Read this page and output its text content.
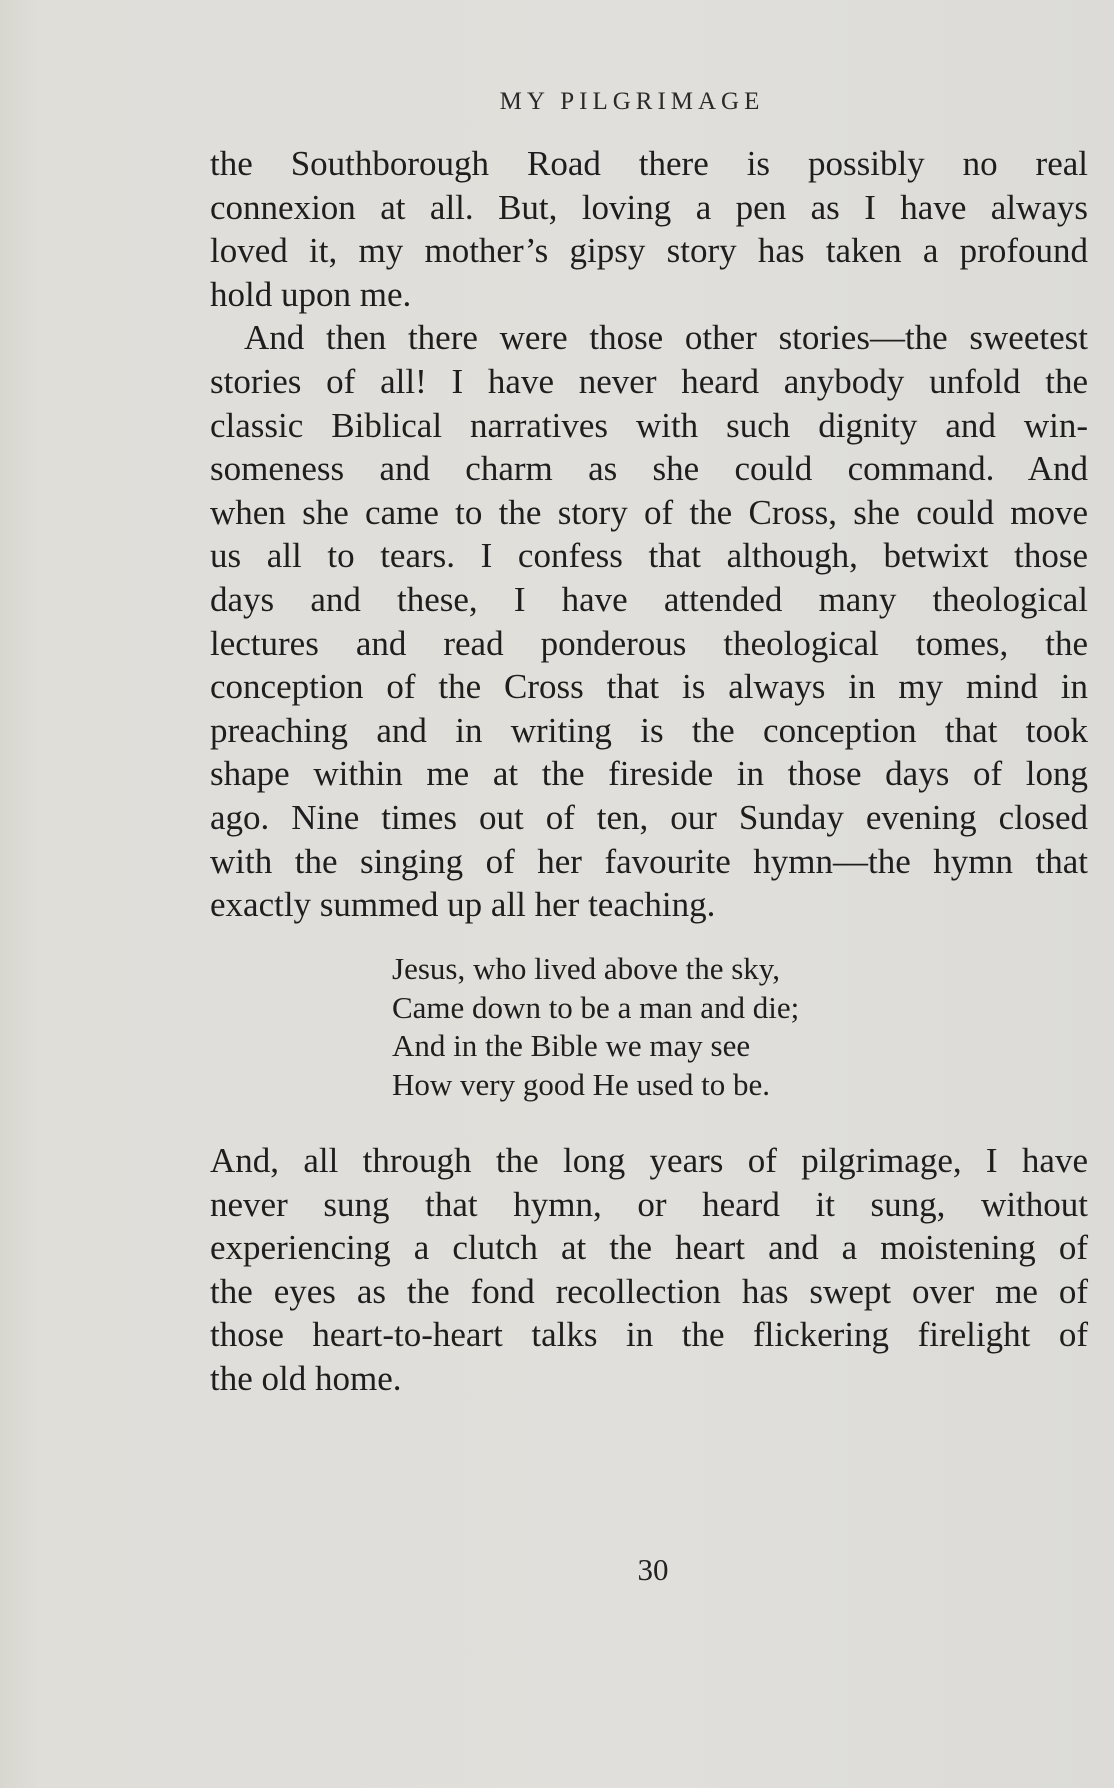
MY PILGRIMAGE

the Southborough Road there is possibly no real

connexion at all. But, loving a pen as I have always

loved it, my mother’s gipsy story has taken a profound

hold upon me.

And then there were those other stories—the sweetest

stories of all! I have never heard anybody unfold the

classic Biblical narratives with such dignity and win-

someness and charm as she could command. And

when she came to the story of the Cross, she could move

us all to tears. I confess that although, betwixt those

days and these, I have attended many theological

lectures and read ponderous theological tomes, the

conception of the Cross that is always in my mind in

preaching and in writing is the conception that took

shape within me at the fireside in those days of long

ago. Nine times out of ten, our Sunday evening closed

with the singing of her favourite hymn—the hymn that

exactly summed up all her teaching.

Jesus, who lived above the sky,
Came down to be a man and die;
And in the Bible we may see
How very good He used to be.

And, all through the long years of pilgrimage, I have

never sung that hymn, or heard it sung, without

experiencing a clutch at the heart and a moistening of

the eyes as the fond recollection has swept over me of

those heart-to-heart talks in the flickering firelight of

the old home.

30
